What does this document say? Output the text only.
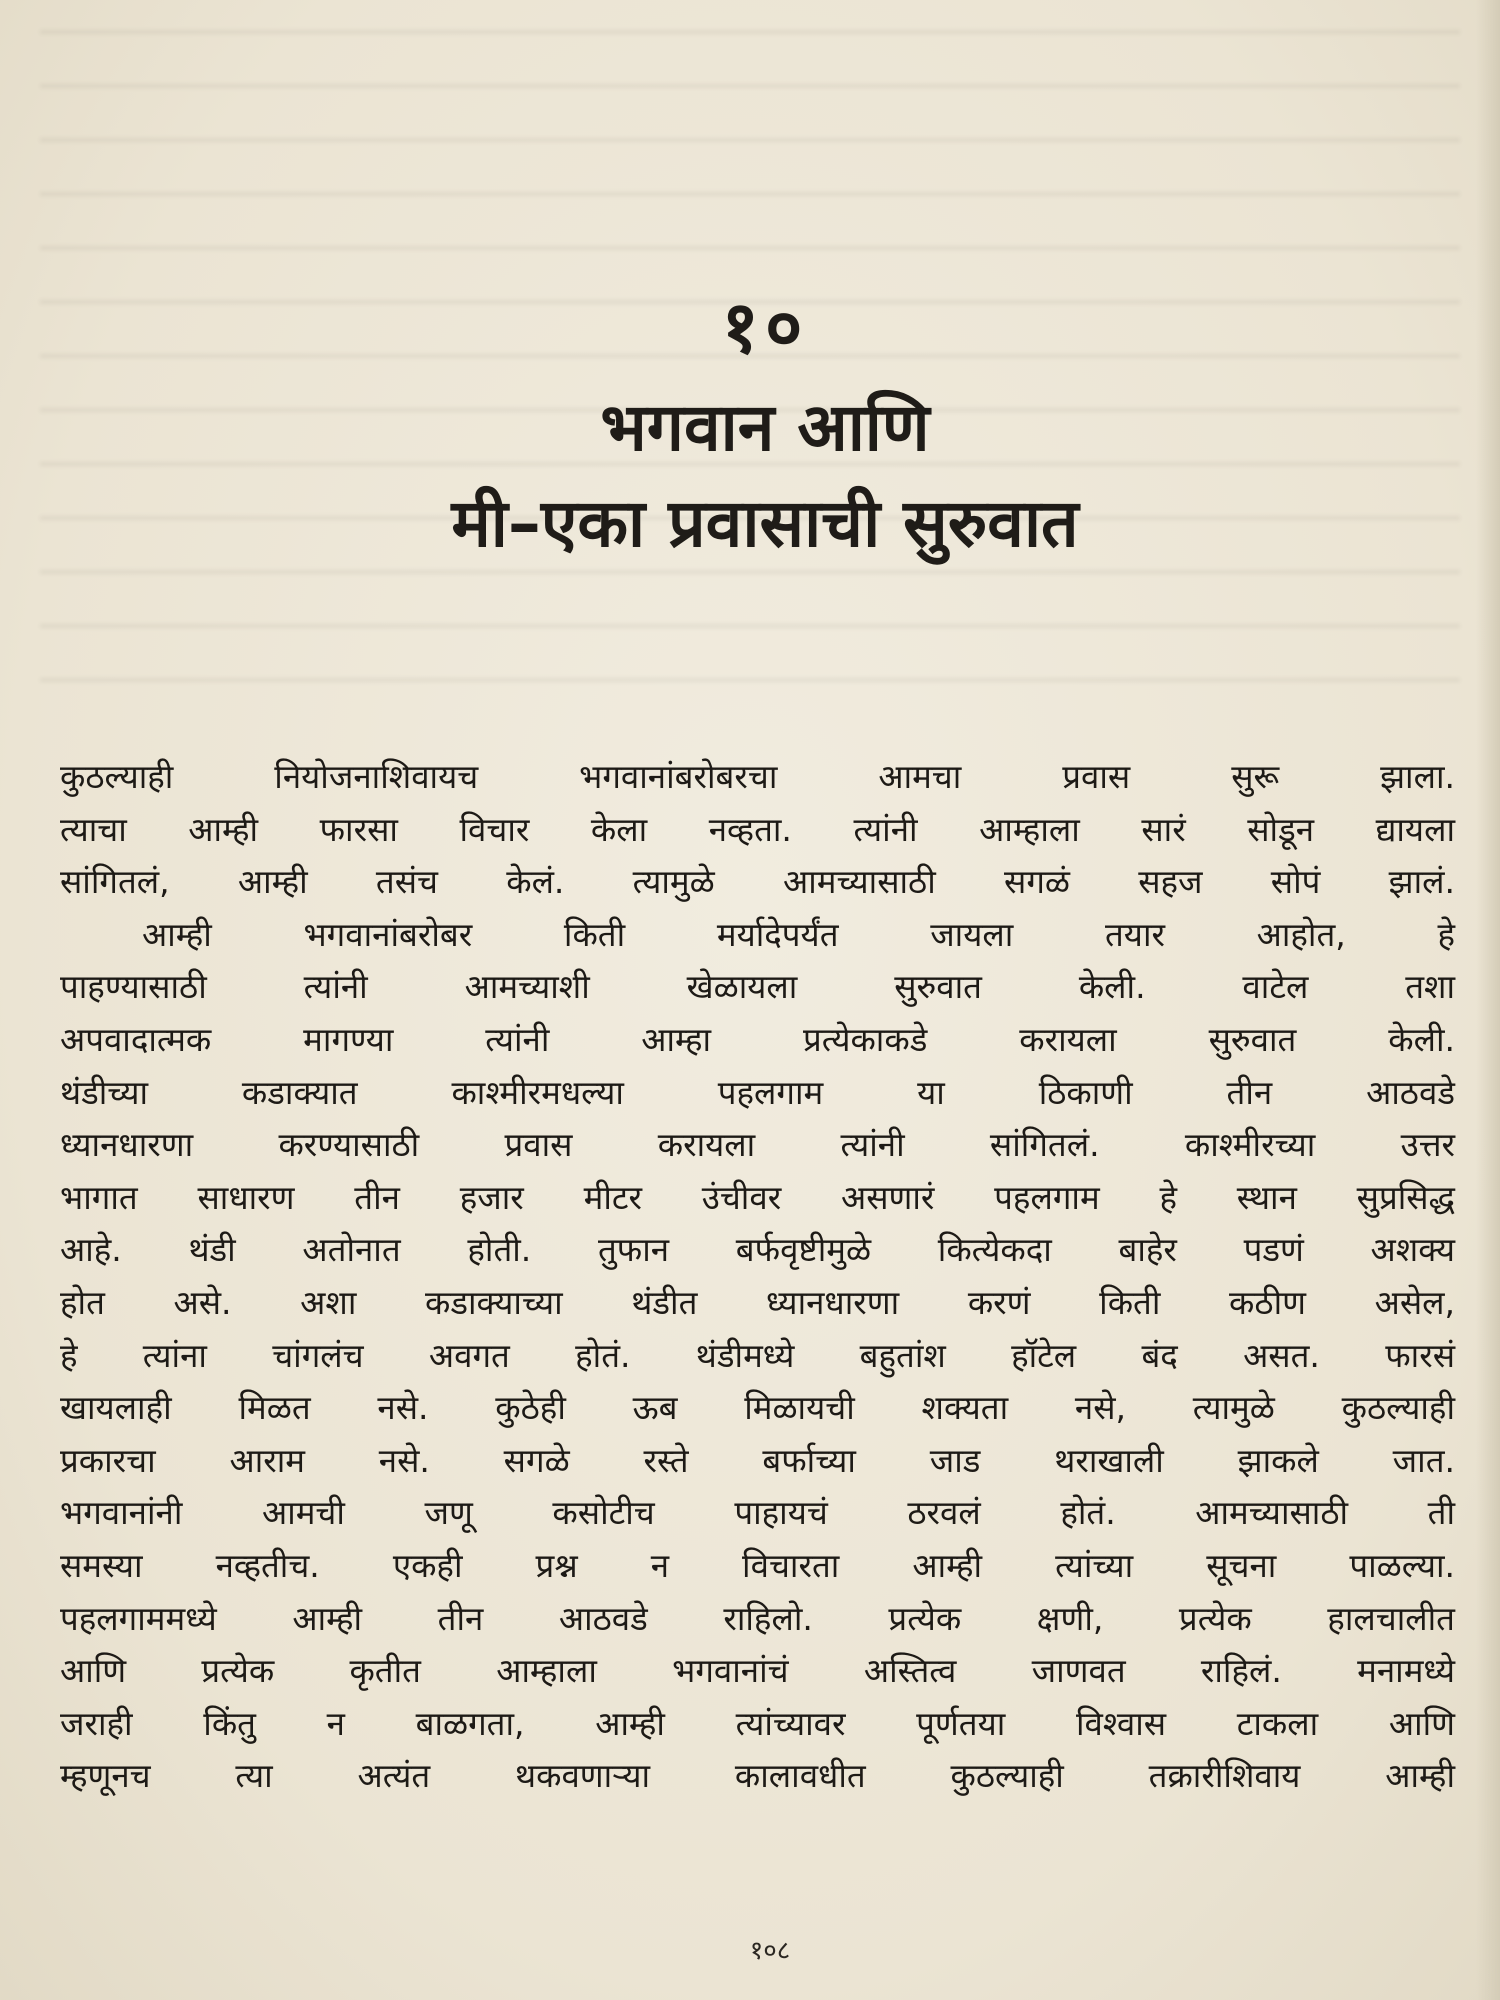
१०
भगवान आणि
मी–एका प्रवासाची सुरुवात
कुठल्याही नियोजनाशिवायच भगवानांबरोबरचा आमचा प्रवास सुरू झाला.
त्याचा आम्ही फारसा विचार केला नव्हता. त्यांनी आम्हाला सारं सोडून द्यायला
सांगितलं, आम्ही तसंच केलं. त्यामुळे आमच्यासाठी सगळं सहज सोपं झालं.
आम्ही भगवानांबरोबर किती मर्यादेपर्यंत जायला तयार आहोत, हे
पाहण्यासाठी त्यांनी आमच्याशी खेळायला सुरुवात केली. वाटेल तशा
अपवादात्मक मागण्या त्यांनी आम्हा प्रत्येकाकडे करायला सुरुवात केली.
थंडीच्या कडाक्यात काश्मीरमधल्या पहलगाम या ठिकाणी तीन आठवडे
ध्यानधारणा करण्यासाठी प्रवास करायला त्यांनी सांगितलं. काश्मीरच्या उत्तर
भागात साधारण तीन हजार मीटर उंचीवर असणारं पहलगाम हे स्थान सुप्रसिद्ध
आहे. थंडी अतोनात होती. तुफान बर्फवृष्टीमुळे कित्येकदा बाहेर पडणं अशक्य
होत असे. अशा कडाक्याच्या थंडीत ध्यानधारणा करणं किती कठीण असेल,
हे त्यांना चांगलंच अवगत होतं. थंडीमध्ये बहुतांश हॉटेल बंद असत. फारसं
खायलाही मिळत नसे. कुठेही ऊब मिळायची शक्यता नसे, त्यामुळे कुठल्याही
प्रकारचा आराम नसे. सगळे रस्ते बर्फाच्या जाड थराखाली झाकले जात.
भगवानांनी आमची जणू कसोटीच पाहायचं ठरवलं होतं. आमच्यासाठी ती
समस्या नव्हतीच. एकही प्रश्न न विचारता आम्ही त्यांच्या सूचना पाळल्या.
पहलगाममध्ये आम्ही तीन आठवडे राहिलो. प्रत्येक क्षणी, प्रत्येक हालचालीत
आणि प्रत्येक कृतीत आम्हाला भगवानांचं अस्तित्व जाणवत राहिलं. मनामध्ये
जराही किंतु न बाळगता, आम्ही त्यांच्यावर पूर्णतया विश्वास टाकला आणि
म्हणूनच त्या अत्यंत थकवणाऱ्या कालावधीत कुठल्याही तक्रारीशिवाय आम्ही
१०८
